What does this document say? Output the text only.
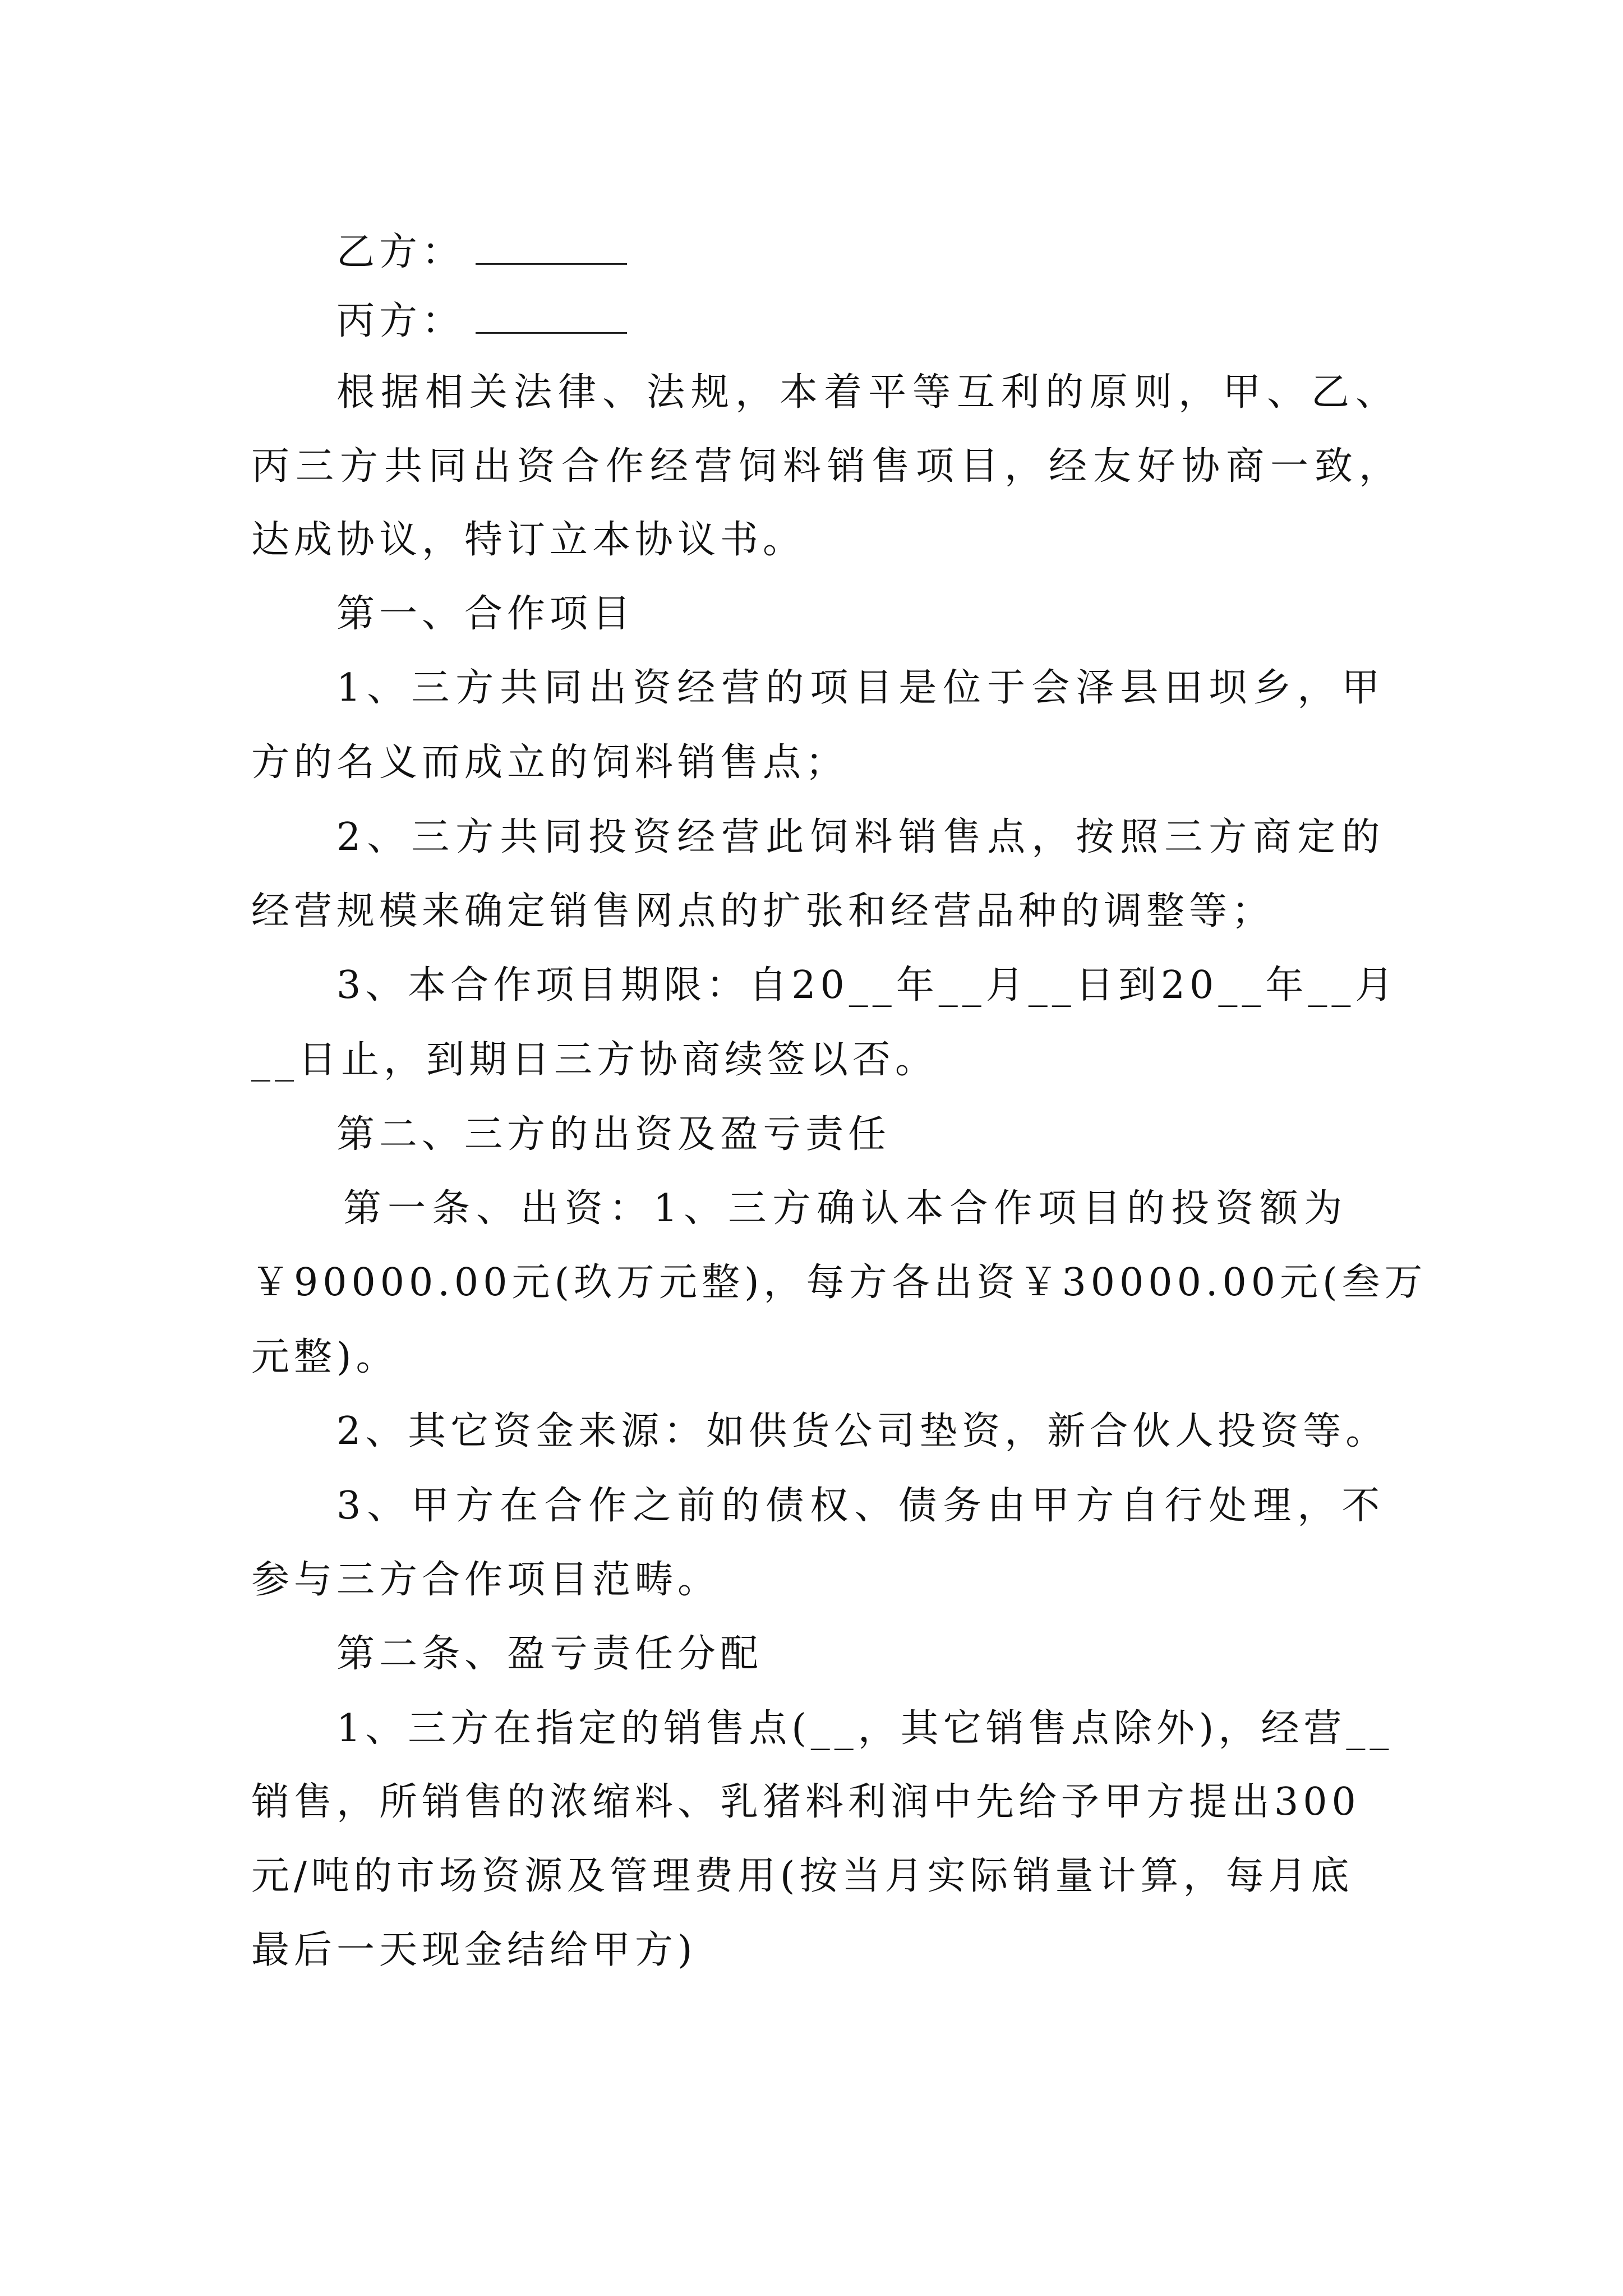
乙方：
丙方：

根据相关法律、法规，本着平等互利的原则，甲、乙、

丙三方共同出资合作经营饲料销售项目，经友好协商一致，

达成协议，特订立本协议书。

第一、合作项目

1、三方共同出资经营的项目是位于会泽县田坝乡，甲

方的名义而成立的饲料销售点；

2、三方共同投资经营此饲料销售点，按照三方商定的

经营规模来确定销售网点的扩张和经营品种的调整等；

3、本合作项目期限：自20__年__月__日到20__年__月

__日止，到期日三方协商续签以否。

第二、三方的出资及盈亏责任

第一条、出资：1、三方确认本合作项目的投资额为

￥90000.00元(玖万元整)，每方各出资￥30000.00元(叁万

元整)。

2、其它资金来源：如供货公司垫资，新合伙人投资等。

3、甲方在合作之前的债权、债务由甲方自行处理，不

参与三方合作项目范畴。

第二条、盈亏责任分配

1、三方在指定的销售点(__，其它销售点除外)，经营__

销售，所销售的浓缩料、乳猪料利润中先给予甲方提出300

元/吨的市场资源及管理费用(按当月实际销量计算，每月底

最后一天现金结给甲方)
